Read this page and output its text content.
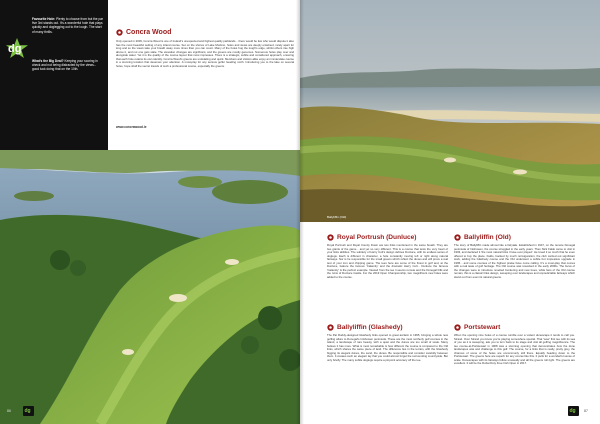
dg

Favourite Hole: Plenty to choose from but the par five 3rd stands out. It's a wonderful hole that plays quickly and doglegging out to the lough. The start of many thrills.

What's the Big Deal? Keeping your scoring in check and not being distracted by the views... good luck doing that on the 10th.

Concra Wood

Only opened in 2009, Concra Wood is one of Ireland's unexpected and highest quality parklands... there would be few who would dispute it also has the most beautiful setting of any inland course. Set on the shores of Lake Muckno, holes and views are deeply entwined, rarely apart for long and so the views take your breath away more times than you can count. Many of the holes hug the lough's edge, whilst others rise high above it, and not one gets stale. The elevation changes are significant, and the greens are mostly generous. Numerous holes play over and alongside water. Yet it is the quality of the course layout that most impresses. There is a strategic, subtle and considered approach, ensuring that each hole retains its own identity. Concra Wood's greens are undulating and quick. Members and visitors alike enjoy an immaculate course in a stunning location that deserves your attention. A must-play for any serious golfer heading north. Introducing you to the lake on several holes, hope shall the secret travels of such a professional course, especially the greens.

www.concrawood.ie
86	dg
Ballyliffin (Old)
Royal Portrush (Dunluce)

Royal Portrush and Royal County Down are two links mentioned in the same breath. They are two giants of the game... and yet so very different. This is a course that tests the very heart of your links abilities. The subtlety of Harry Colt's design defines Dunluce, with its endless series of doglegs. Each is different in character, a hole constantly moving left or right along natural fairways. Nor is he responsible for the small greens which reflect the dunes and will prove a real test of your iron and chipping game. The tees here are some of the finest in golf and, at the Dunluce, feature the famous 'Calamity' and the dramatic Harry Colt... Dunluce the famous 'Calamity' is the perfect example. Viewed from the tee it seems remote and the Donegal hills and the ruins of Dunluce Castle. For the 2019 Open Championship, two magnificent new holes were added to the course.

Ballyliffin (Glashedy)

The Pat Ruddy-designed Glashedy links opened to great acclaim in 1995, bringing a whole new golfing allure to Donegal's Inishowen peninsula. These are the most northerly golf courses in the island, a landscape of rare beauty, with a quiet and the dunes are too small of scale. Many believe it has more. What is most remarkable is how different the course is compared to the Old links, which shares the same piece of land. The difference lies in the terrain, with the Glashedy bigging its elegant dunes, the sand, the dunes. Be responsible and consider carefully between them. It creates such an elegant lay that you could almost forget the surrounding countryside. But only briefly. The many subtle doglegs require a pinpoint accuracy off the tee.

Ballyliffin (Old)

The story of Ballyliffin made almost like a fairytale. Established in 1947, on the remote Donegal peninsula of Inishowen, the course struggled in the early years. Then Nick Faldo came to visit in 1993, and declared it 'the most natural links I have ever played'. He loved it so much that he even offered to buy the place. Faldo, backed by much reinvigoration, the club carried out significant work, adding the Glashedy course and the Old underwent a subtle but impressive upgrade in 1995... and some courses of the highest praise have come calling. It's a must-play that comes with a real taste of golf heritage. The Old course was reworked in the early 2000s. The focus of the changes were to introduce revetted bunkering and new trees, while fans of the Old course remain, this is a classic links design, sweeping over landscapes and unpredictable fairways which stand out from even its natural greens.

Portstewart

When the opening nine holes of a course tumble over a violent dunescape it tends to call you. Strand. Over Strand you know you're playing somewhere special. That 'wow' first tee with its sea of you as it is sweeping, ask you to turn back to its stage and visit all golfing magnificence. The tee course-at-Portstewart in 1908 was a stunning opening that demonstrates how the dune landscapes was and challenge to this golf. The course, for a links that is really, pretty grey, the chances of some of the holes are uncommonly still there. Equally heading down to the Portstewart. The greens here are superb for any course like this. It pulls for a wonderful sense of scale. Dunescapes with its fairways follow unusually and all the greens roll right. The greens are excellent. It will be the Dubai Duty Free Irish Open in 2017.

dg 87
